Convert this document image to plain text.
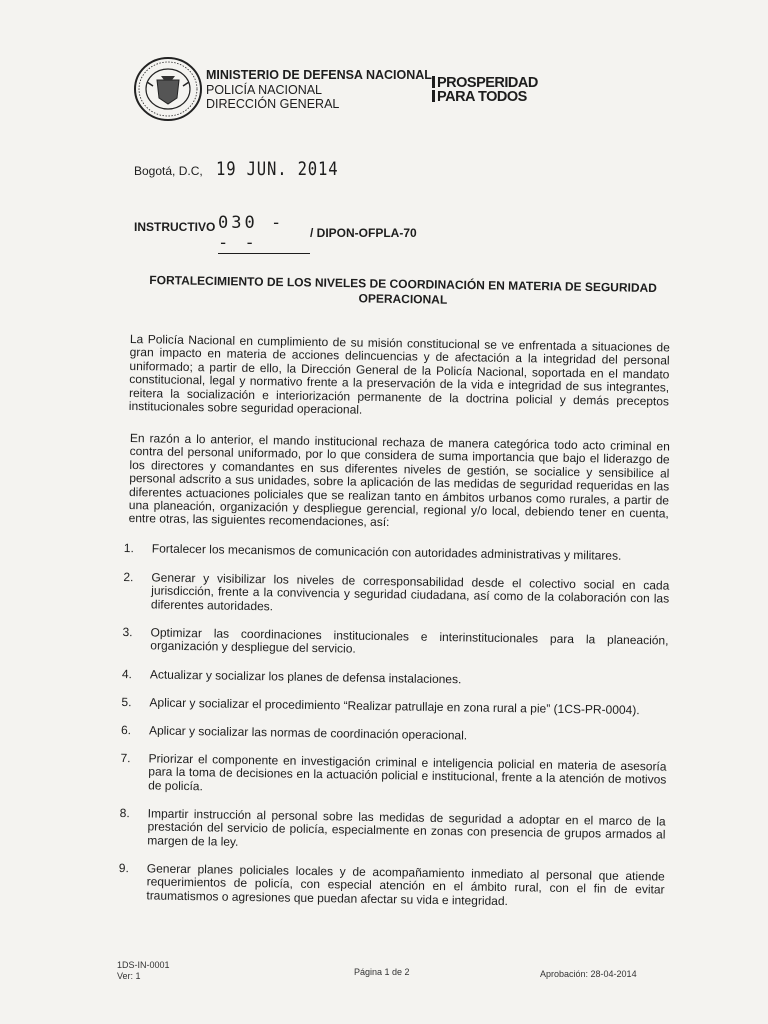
MINISTERIO DE DEFENSA NACIONAL
POLICÍA NACIONAL
DIRECCIÓN GENERAL
PROSPERIDAD
PARA TODOS
Bogotá, D.C, 19 JUN. 2014
INSTRUCTIVO 030 - - -	/ DIPON-OFPLA-70
FORTALECIMIENTO DE LOS NIVELES DE COORDINACIÓN EN MATERIA DE SEGURIDAD OPERACIONAL
La Policía Nacional en cumplimiento de su misión constitucional se ve enfrentada a situaciones de gran impacto en materia de acciones delincuencias y de afectación a la integridad del personal uniformado; a partir de ello, la Dirección General de la Policía Nacional, soportada en el mandato constitucional, legal y normativo frente a la preservación de la vida e integridad de sus integrantes, reitera la socialización e interiorización permanente de la doctrina policial y demás preceptos institucionales sobre seguridad operacional.
En razón a lo anterior, el mando institucional rechaza de manera categórica todo acto criminal en contra del personal uniformado, por lo que considera de suma importancia que bajo el liderazgo de los directores y comandantes en sus diferentes niveles de gestión, se socialice y sensibilice al personal adscrito a sus unidades, sobre la aplicación de las medidas de seguridad requeridas en las diferentes actuaciones policiales que se realizan tanto en ámbitos urbanos como rurales, a partir de una planeación, organización y despliegue gerencial, regional y/o local, debiendo tener en cuenta, entre otras, las siguientes recomendaciones, así:
1. Fortalecer los mecanismos de comunicación con autoridades administrativas y militares.
2. Generar y visibilizar los niveles de corresponsabilidad desde el colectivo social en cada jurisdicción, frente a la convivencia y seguridad ciudadana, así como de la colaboración con las diferentes autoridades.
3. Optimizar las coordinaciones institucionales e interinstitucionales para la planeación, organización y despliegue del servicio.
4. Actualizar y socializar los planes de defensa instalaciones.
5. Aplicar y socializar el procedimiento “Realizar patrullaje en zona rural a pie” (1CS-PR-0004).
6. Aplicar y socializar las normas de coordinación operacional.
7. Priorizar el componente en investigación criminal e inteligencia policial en materia de asesoría para la toma de decisiones en la actuación policial e institucional, frente a la atención de motivos de policía.
8. Impartir instrucción al personal sobre las medidas de seguridad a adoptar en el marco de la prestación del servicio de policía, especialmente en zonas con presencia de grupos armados al margen de la ley.
9. Generar planes policiales locales y de acompañamiento inmediato al personal que atiende requerimientos de policía, con especial atención en el ámbito rural, con el fin de evitar traumatismos o agresiones que puedan afectar su vida e integridad.
1DS-IN-0001
Ver: 1	Página 1 de 2	Aprobación: 28-04-2014
